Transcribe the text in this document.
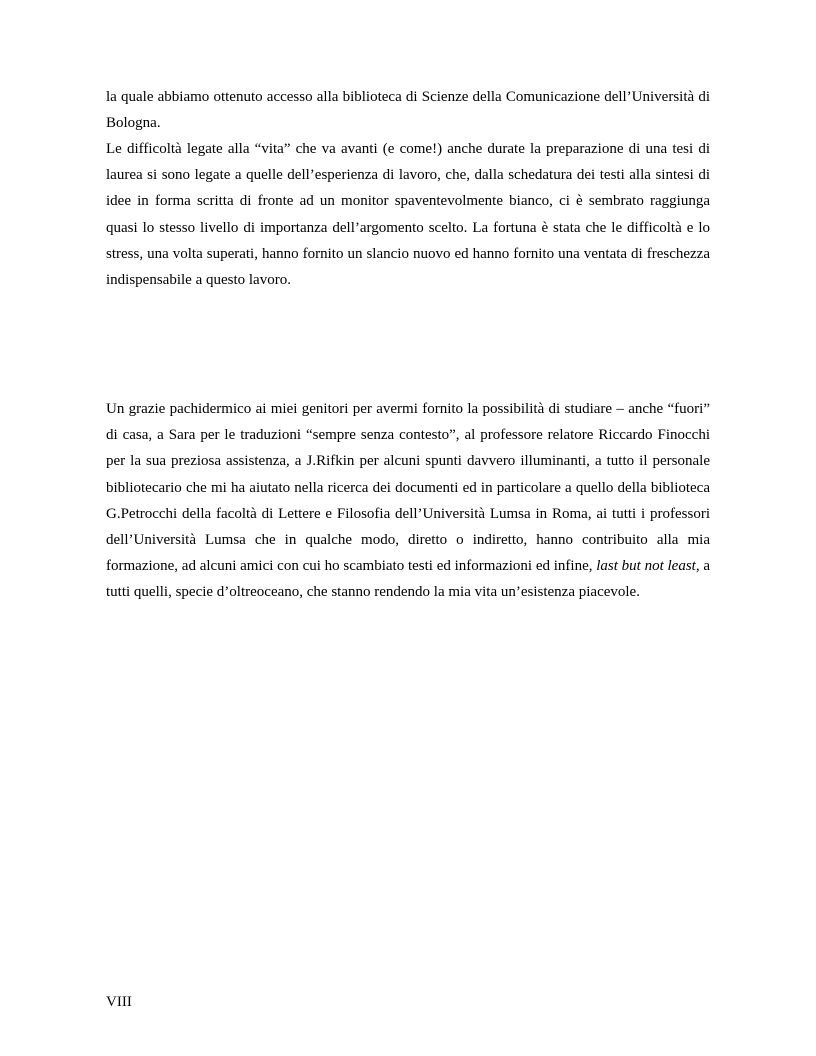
la quale abbiamo ottenuto accesso alla biblioteca di Scienze della Comunicazione dell’Università di Bologna.

Le difficoltà legate alla “vita” che va avanti (e come!) anche durate la preparazione di una tesi di laurea si sono legate a quelle dell’esperienza di lavoro, che, dalla schedatura dei testi alla sintesi di idee in forma scritta di fronte ad un monitor spaventevolmente bianco, ci è sembrato raggiunga quasi lo stesso livello di importanza dell’argomento scelto. La fortuna è stata che le difficoltà e lo stress, una volta superati, hanno fornito un slancio nuovo ed hanno fornito una ventata di freschezza indispensabile a questo lavoro.

Un grazie pachidermico ai miei genitori per avermi fornito la possibilità di studiare – anche “fuori” di casa, a Sara per le traduzioni “sempre senza contesto”, al professore relatore Riccardo Finocchi per la sua preziosa assistenza, a J.Rifkin per alcuni spunti davvero illuminanti, a tutto il personale bibliotecario che mi ha aiutato nella ricerca dei documenti ed in particolare a quello della biblioteca G.Petrocchi della facoltà di Lettere e Filosofia dell’Università Lumsa in Roma, ai tutti i professori dell’Università Lumsa che in qualche modo, diretto o indiretto, hanno contribuito alla mia formazione, ad alcuni amici con cui ho scambiato testi ed informazioni ed infine, last but not least, a tutti quelli, specie d’oltreoceano, che stanno rendendo la mia vita un’esistenza piacevole.

VIII
